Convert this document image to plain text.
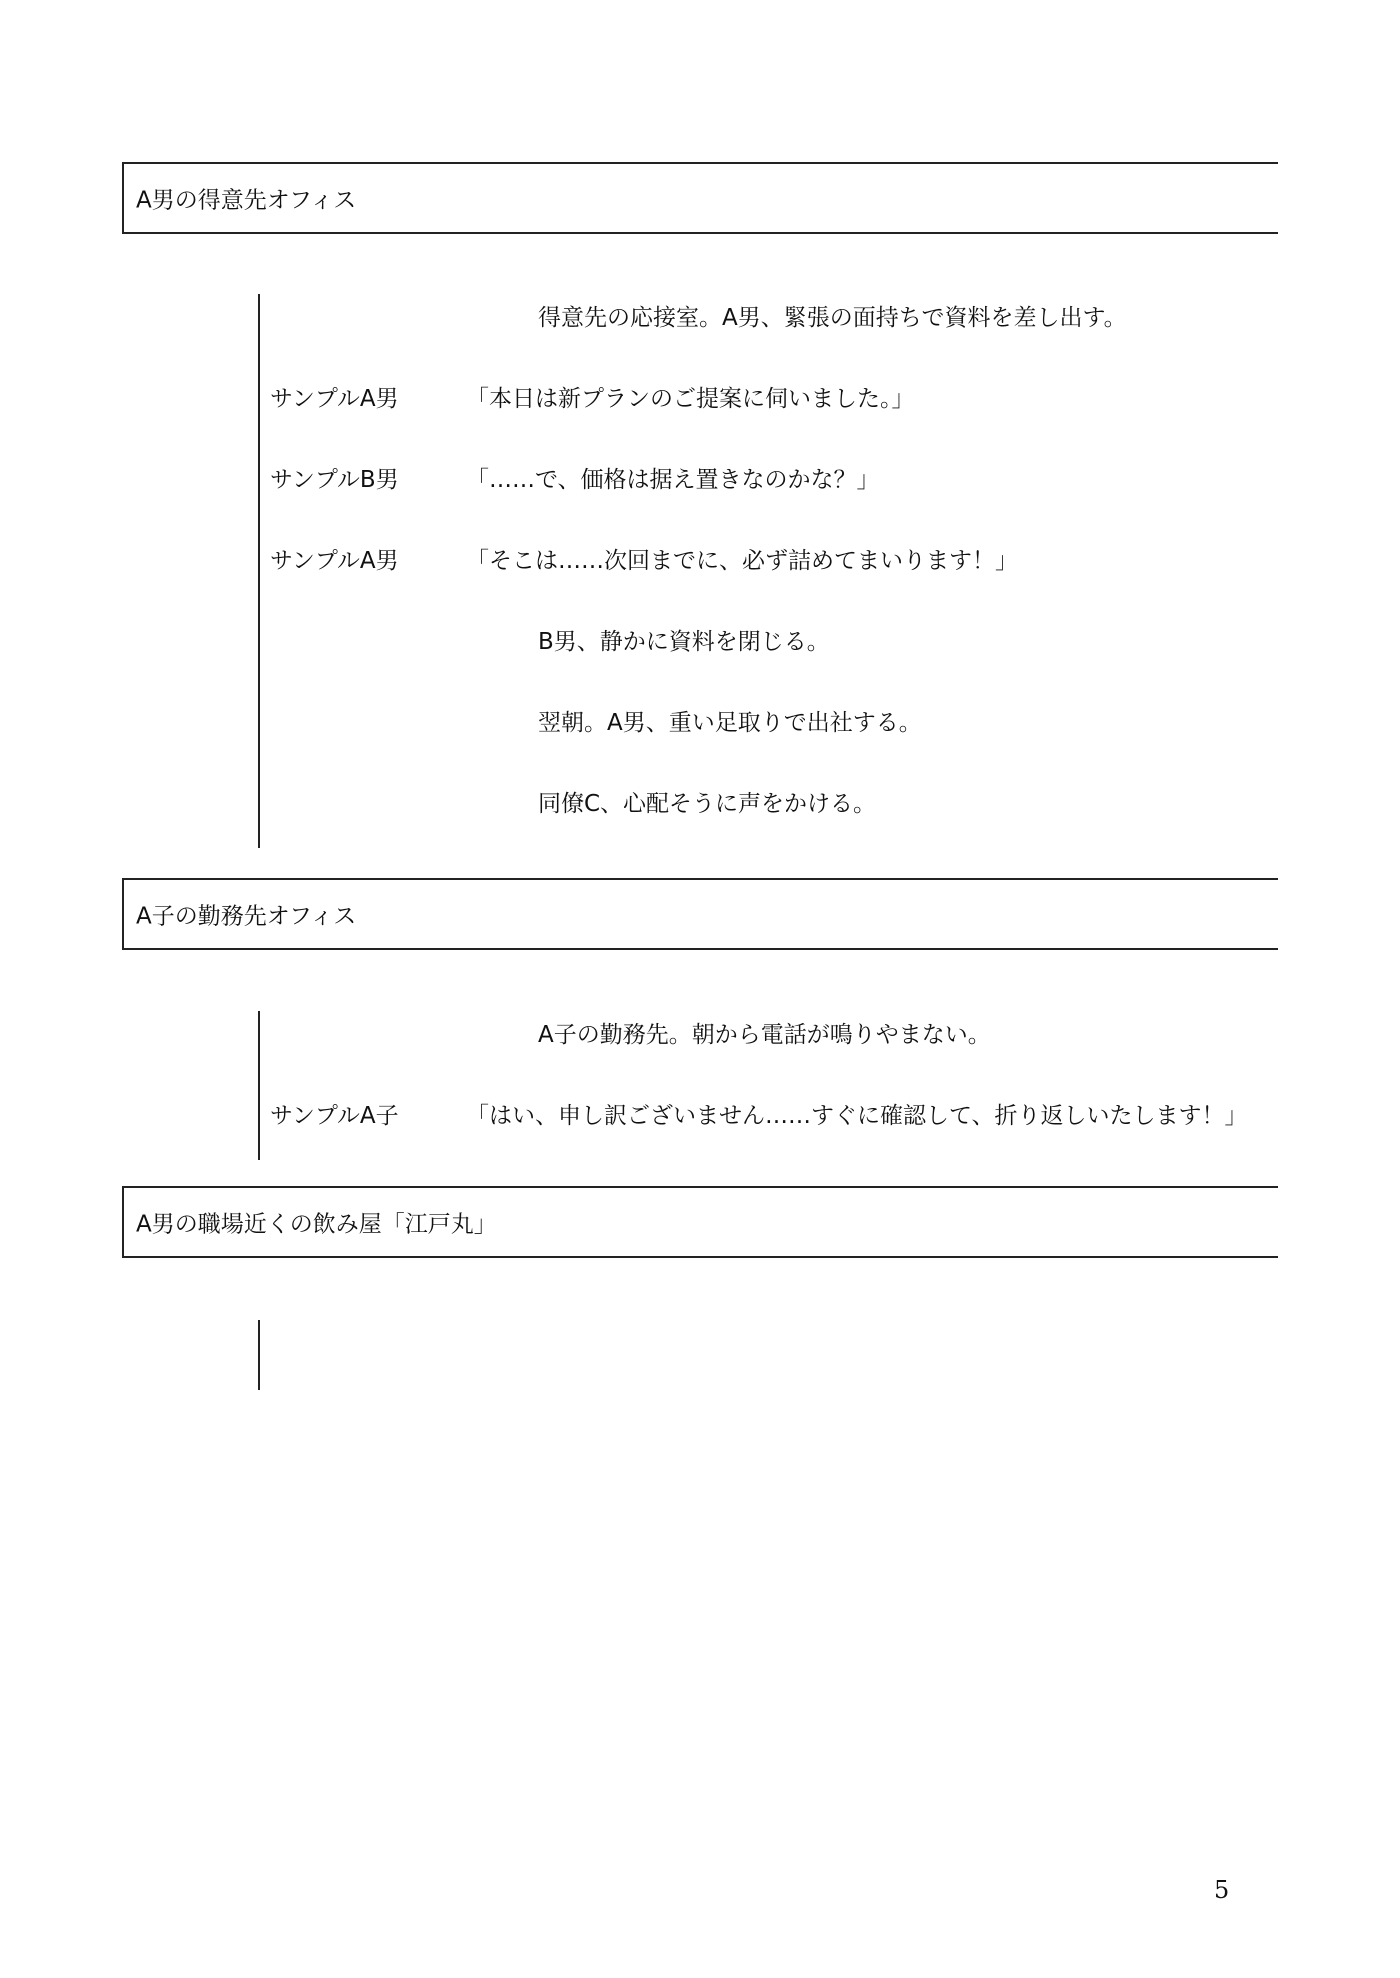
A男の得意先オフィス
得意先の応接室。A男、緊張の面持ちで資料を差し出す。
サンプルA男	「本日は新プランのご提案に伺いました。」
サンプルB男	「……で、価格は据え置きなのかな？」
サンプルA男	「そこは……次回までに、必ず詰めてまいります！」
B男、静かに資料を閉じる。
翌朝。A男、重い足取りで出社する。
同僚C、心配そうに声をかける。
A子の勤務先オフィス
A子の勤務先。朝から電話が鳴りやまない。
サンプルA子	「はい、申し訳ございません……すぐに確認して、折り返しいたします！」
A男の職場近くの飲み屋「江戸丸」
5
